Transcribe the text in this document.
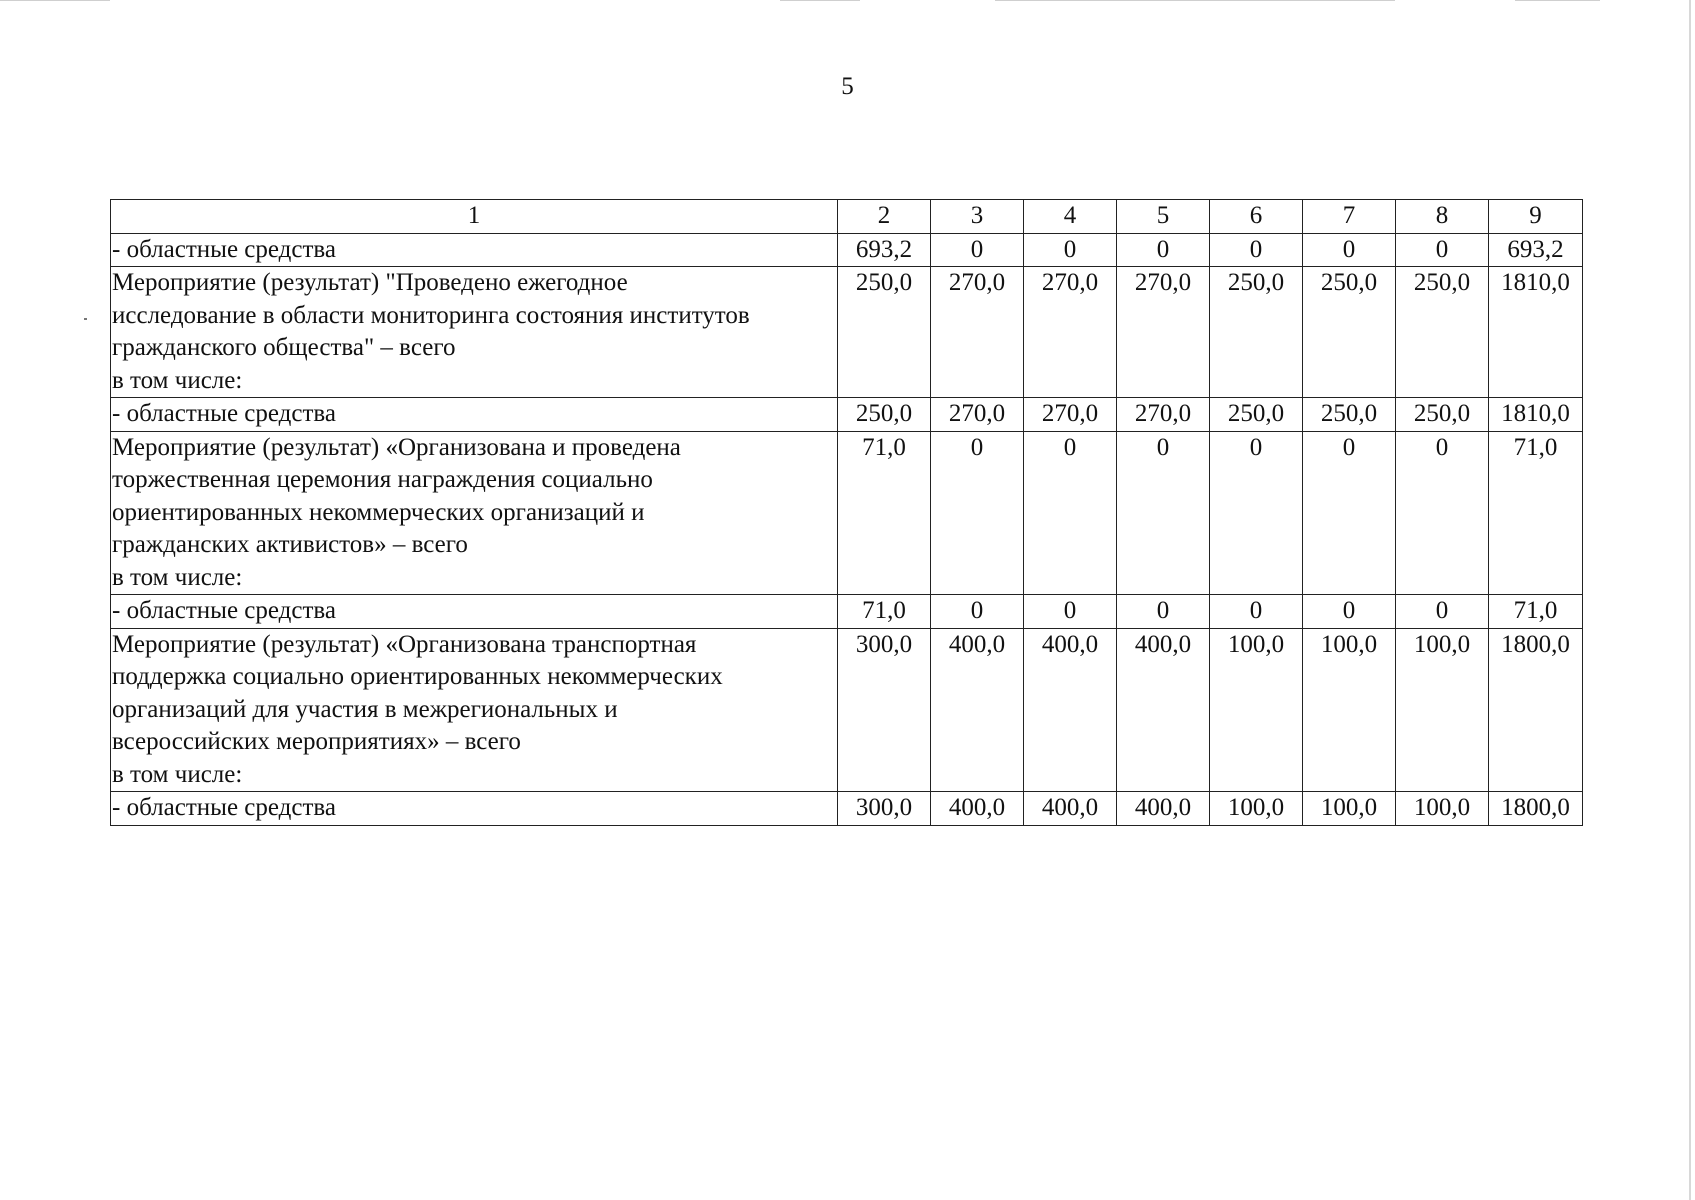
5
1	2	3	4	5	6	7	8	9

- областные средства	693,2	0	0	0	0	0	0	693,2

Мероприятие (результат) "Проведено ежегодное
исследование в области мониторинга состояния институтов
гражданского общества" – всего
в том числе:	250,0	270,0	270,0	270,0	250,0	250,0	250,0	1810,0

- областные средства	250,0	270,0	270,0	270,0	250,0	250,0	250,0	1810,0

Мероприятие (результат) «Организована и проведена
торжественная церемония награждения социально
ориентированных некоммерческих организаций и
гражданских активистов» – всего
в том числе:	71,0	0	0	0	0	0	0	71,0

- областные средства	71,0	0	0	0	0	0	0	71,0

Мероприятие (результат) «Организована транспортная
поддержка социально ориентированных некоммерческих
организаций для участия в межрегиональных и
всероссийских мероприятиях» – всего
в том числе:	300,0	400,0	400,0	400,0	100,0	100,0	100,0	1800,0

- областные средства	300,0	400,0	400,0	400,0	100,0	100,0	100,0	1800,0
